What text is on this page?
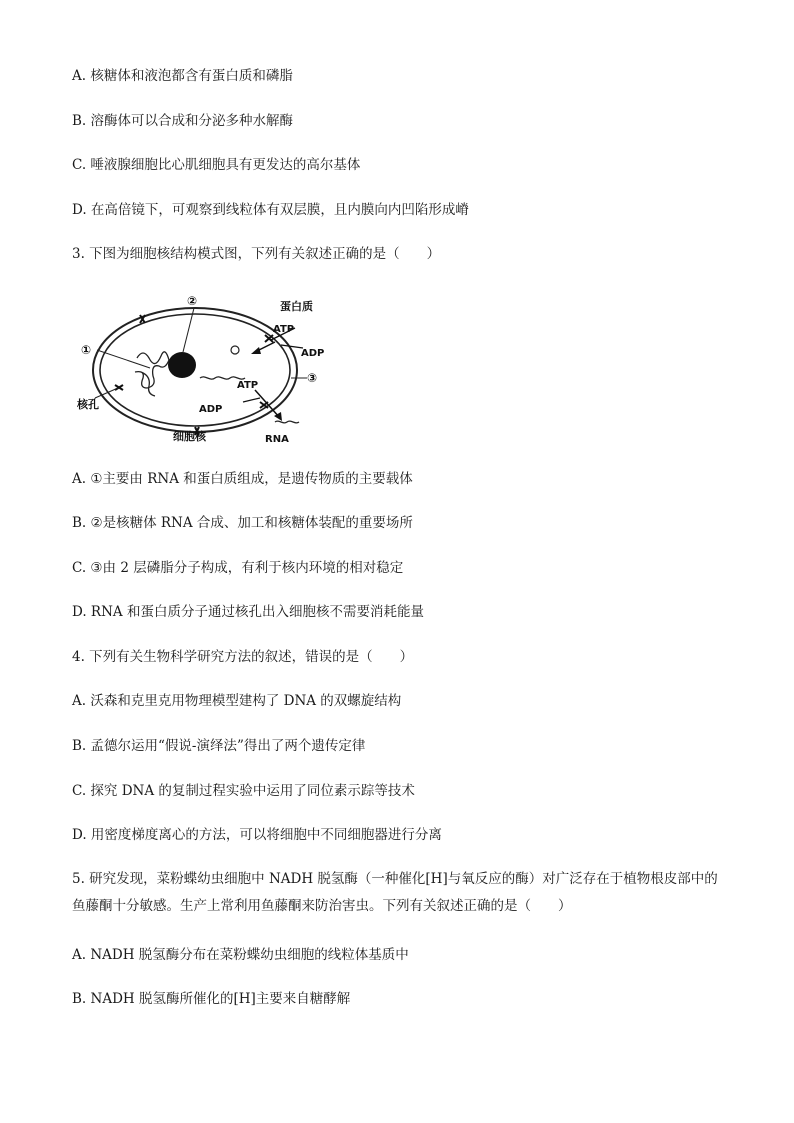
A. 核糖体和液泡都含有蛋白质和磷脂
B. 溶酶体可以合成和分泌多种水解酶
C. 唾液腺细胞比心肌细胞具有更发达的高尔基体
D. 在高倍镜下，可观察到线粒体有双层膜，且内膜向内凹陷形成嵴
3. 下图为细胞核结构模式图，下列有关叙述正确的是（　　）
②	蛋白质
ATP
ADP
①
ATP
③
核孔	ADP
细胞核	RNA
A. ①主要由 RNA 和蛋白质组成，是遗传物质的主要载体
B. ②是核糖体 RNA 合成、加工和核糖体装配的重要场所
C. ③由 2 层磷脂分子构成，有利于核内环境的相对稳定
D. RNA 和蛋白质分子通过核孔出入细胞核不需要消耗能量
4. 下列有关生物科学研究方法的叙述，错误的是（　　）
A. 沃森和克里克用物理模型建构了 DNA 的双螺旋结构
B. 孟德尔运用“假说-演绎法”得出了两个遗传定律
C. 探究 DNA 的复制过程实验中运用了同位素示踪等技术
D. 用密度梯度离心的方法，可以将细胞中不同细胞器进行分离
5. 研究发现，菜粉蝶幼虫细胞中 NADH 脱氢酶（一种催化[H]与氧反应的酶）对广泛存在于植物根皮部中的鱼藤酮十分敏感。生产上常利用鱼藤酮来防治害虫。下列有关叙述正确的是（　　）
A. NADH 脱氢酶分布在菜粉蝶幼虫细胞的线粒体基质中
B. NADH 脱氢酶所催化的[H]主要来自糖酵解
